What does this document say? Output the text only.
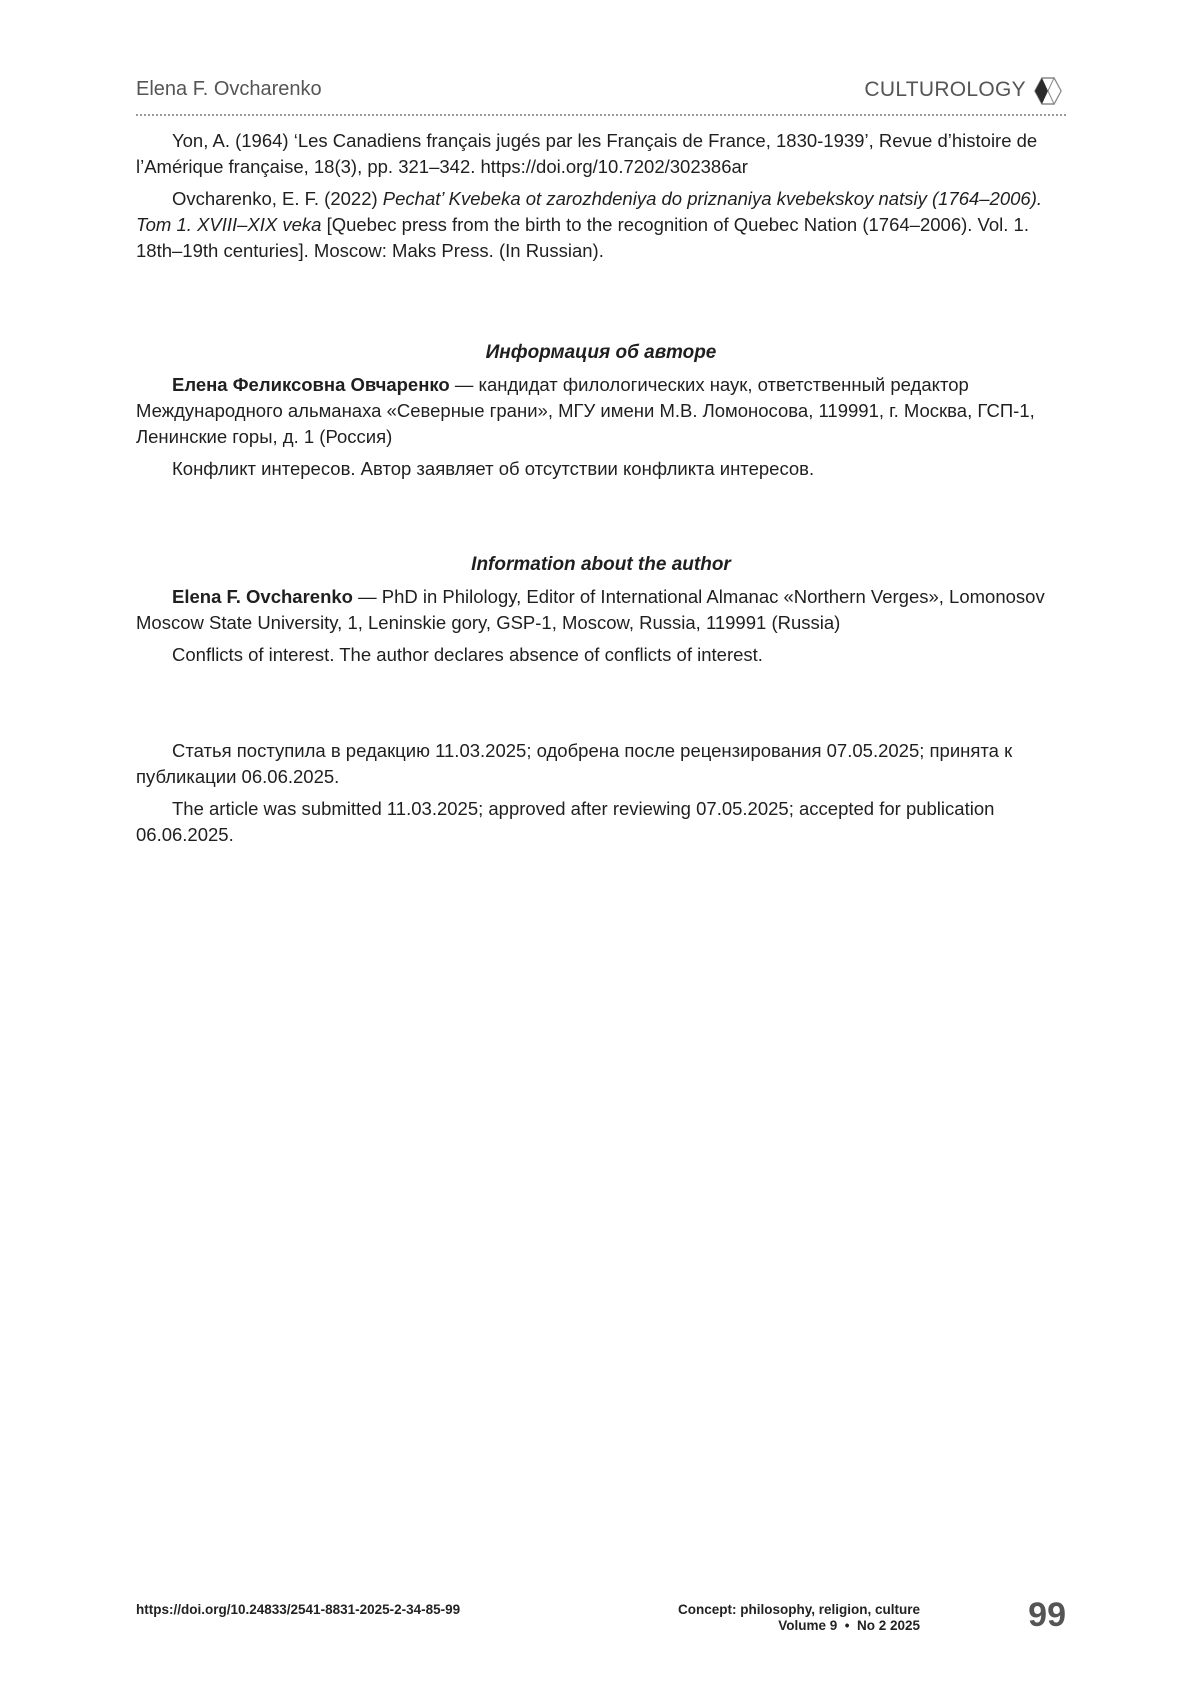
Elena F. Ovcharenko	CULTUROLOGY

Yon, A. (1964) ‘Les Canadiens français jugés par les Français de France, 1830-1939’, Revue d’histoire de l’Amérique française, 18(3), pp. 321–342. https://doi.org/10.7202/302386ar

Ovcharenko, E. F. (2022) Pechat’ Kvebeka ot zarozhdeniya do priznaniya kvebekskoy natsiy (1764–2006). Tom 1. XVIII–XIX veka [Quebec press from the birth to the recognition of Quebec Nation (1764–2006). Vol. 1. 18th–19th centuries]. Moscow: Maks Press. (In Russian).

Информация об авторе

Елена Феликсовна Овчаренко — кандидат филологических наук, ответственный редактор Международного альманаха «Северные грани», МГУ имени М.В. Ломоносова, 119991, г. Москва, ГСП-1, Ленинские горы, д. 1 (Россия)

Конфликт интересов. Автор заявляет об отсутствии конфликта интересов.

Information about the author

Elena F. Ovcharenko — PhD in Philology, Editor of International Almanac «Northern Verges», Lomonosov Moscow State University, 1, Leninskie gory, GSP-1, Moscow, Russia, 119991 (Russia)

Conflicts of interest. The author declares absence of conflicts of interest.

Статья поступила в редакцию 11.03.2025; одобрена после рецензирования 07.05.2025; принята к публикации 06.06.2025.

The article was submitted 11.03.2025; approved after reviewing 07.05.2025; accepted for publication 06.06.2025.

https://doi.org/10.24833/2541-8831-2025-2-34-85-99	Concept: philosophy, religion, culture
Volume 9  •  No 2 2025	99
